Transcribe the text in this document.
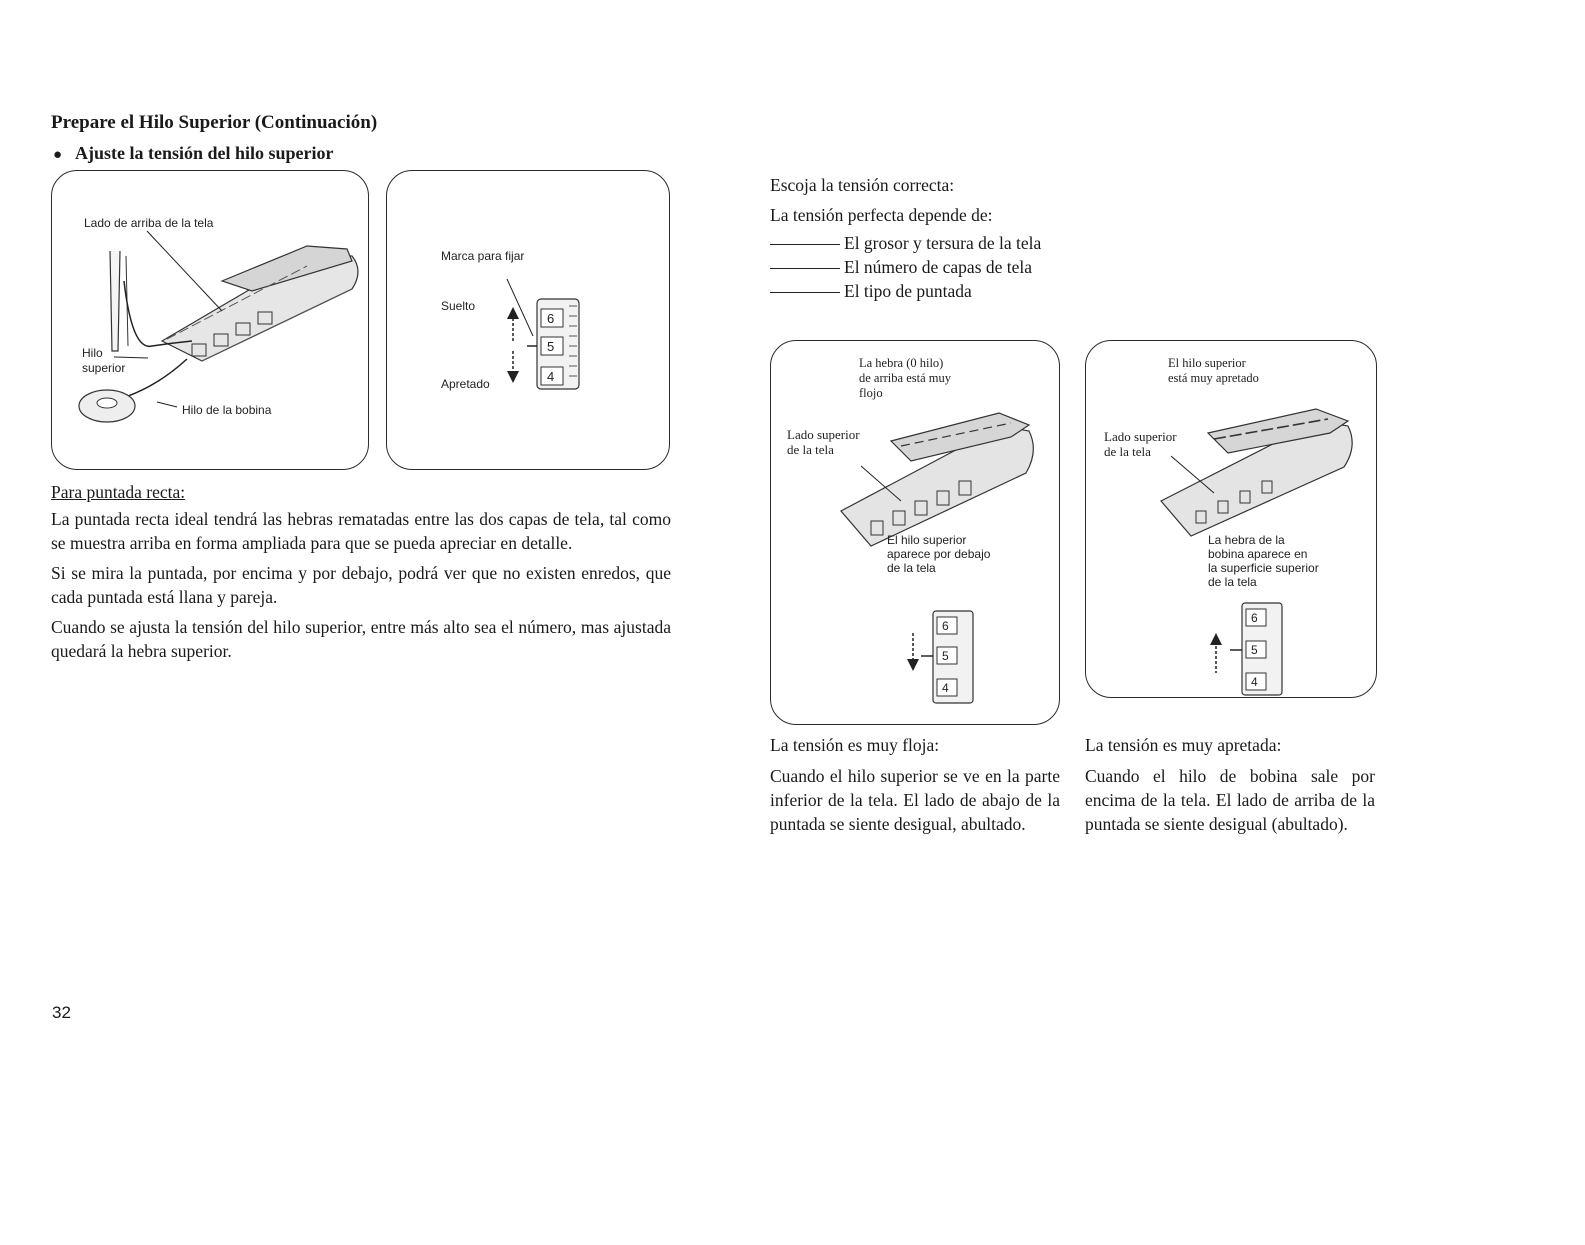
Prepare el Hilo Superior (Continuación)
● Ajuste la tensión del hilo superior
Lado de arriba de la tela
Hilo
superior
Hilo de la bobina
Marca para fijar
Suelto
Apretado
6
5
4
Para puntada recta:
La puntada recta ideal tendrá las hebras rematadas entre las dos capas de tela, tal como se muestra arriba en forma ampliada para que se pueda apreciar en detalle.
Si se mira la puntada, por encima y por debajo, podrá ver que no existen enredos, que cada puntada está llana y pareja.
Cuando se ajusta la tensión del hilo superior, entre más alto sea el número, mas ajustada quedará la hebra superior.
Escoja la tensión correcta:
La tensión perfecta depende de:
El grosor y tersura de la tela
El número de capas de tela
El tipo de puntada
La hebra (0 hilo)
de arriba está muy
flojo
Lado superior
de la tela
El hilo superior
aparece por debajo
de la tela
6
5
4
El hilo superior
está muy apretado
Lado superior
de la tela
La hebra de la
bobina aparece en
la superficie superior
de la tela
6
5
4
La tensión es muy floja:
Cuando el hilo superior se ve en la parte inferior de la tela. El lado de abajo de la puntada se siente desigual, abultado.
La tensión es muy apretada:
Cuando el hilo de bobina sale por encima de la tela. El lado de arriba de la puntada se siente desigual (abultado).
32
